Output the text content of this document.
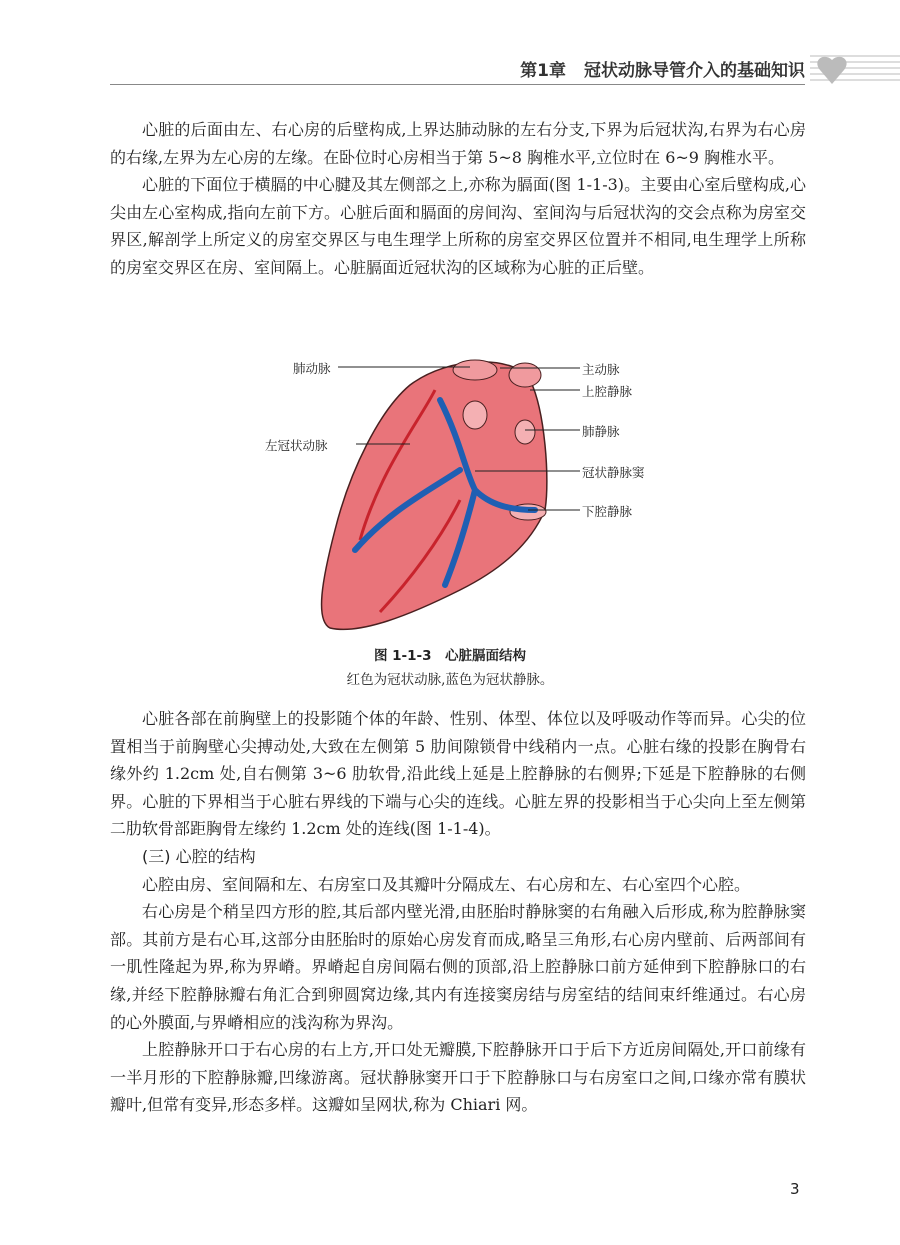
第1章 冠状动脉导管介入的基础知识

心脏的后面由左、右心房的后壁构成,上界达肺动脉的左右分支,下界为后冠状沟,右界为右心房的右缘,左界为左心房的左缘。在卧位时心房相当于第 5~8 胸椎水平,立位时在 6~9 胸椎水平。

心脏的下面位于横膈的中心腱及其左侧部之上,亦称为膈面(图 1-1-3)。主要由心室后壁构成,心尖由左心室构成,指向左前下方。心脏后面和膈面的房间沟、室间沟与后冠状沟的交会点称为房室交界区,解剖学上所定义的房室交界区与电生理学上所称的房室交界区位置并不相同,电生理学上所称的房室交界区在房、室间隔上。心脏膈面近冠状沟的区域称为心脏的正后壁。

肺动脉
左冠状动脉
主动脉
上腔静脉
肺静脉
冠状静脉窦
下腔静脉
图 1-1-3　心脏膈面结构
红色为冠状动脉,蓝色为冠状静脉。

心脏各部在前胸壁上的投影随个体的年龄、性别、体型、体位以及呼吸动作等而异。心尖的位置相当于前胸壁心尖搏动处,大致在左侧第 5 肋间隙锁骨中线稍内一点。心脏右缘的投影在胸骨右缘外约 1.2cm 处,自右侧第 3~6 肋软骨,沿此线上延是上腔静脉的右侧界;下延是下腔静脉的右侧界。心脏的下界相当于心脏右界线的下端与心尖的连线。心脏左界的投影相当于心尖向上至左侧第二肋软骨部距胸骨左缘约 1.2cm 处的连线(图 1-1-4)。

(三) 心腔的结构

心腔由房、室间隔和左、右房室口及其瓣叶分隔成左、右心房和左、右心室四个心腔。

右心房是个稍呈四方形的腔,其后部内壁光滑,由胚胎时静脉窦的右角融入后形成,称为腔静脉窦部。其前方是右心耳,这部分由胚胎时的原始心房发育而成,略呈三角形,右心房内壁前、后两部间有一肌性隆起为界,称为界嵴。界嵴起自房间隔右侧的顶部,沿上腔静脉口前方延伸到下腔静脉口的右缘,并经下腔静脉瓣右角汇合到卵圆窝边缘,其内有连接窦房结与房室结的结间束纤维通过。右心房的心外膜面,与界嵴相应的浅沟称为界沟。

上腔静脉开口于右心房的右上方,开口处无瓣膜,下腔静脉开口于后下方近房间隔处,开口前缘有一半月形的下腔静脉瓣,凹缘游离。冠状静脉窦开口于下腔静脉口与右房室口之间,口缘亦常有膜状瓣叶,但常有变异,形态多样。这瓣如呈网状,称为 Chiari 网。

3
